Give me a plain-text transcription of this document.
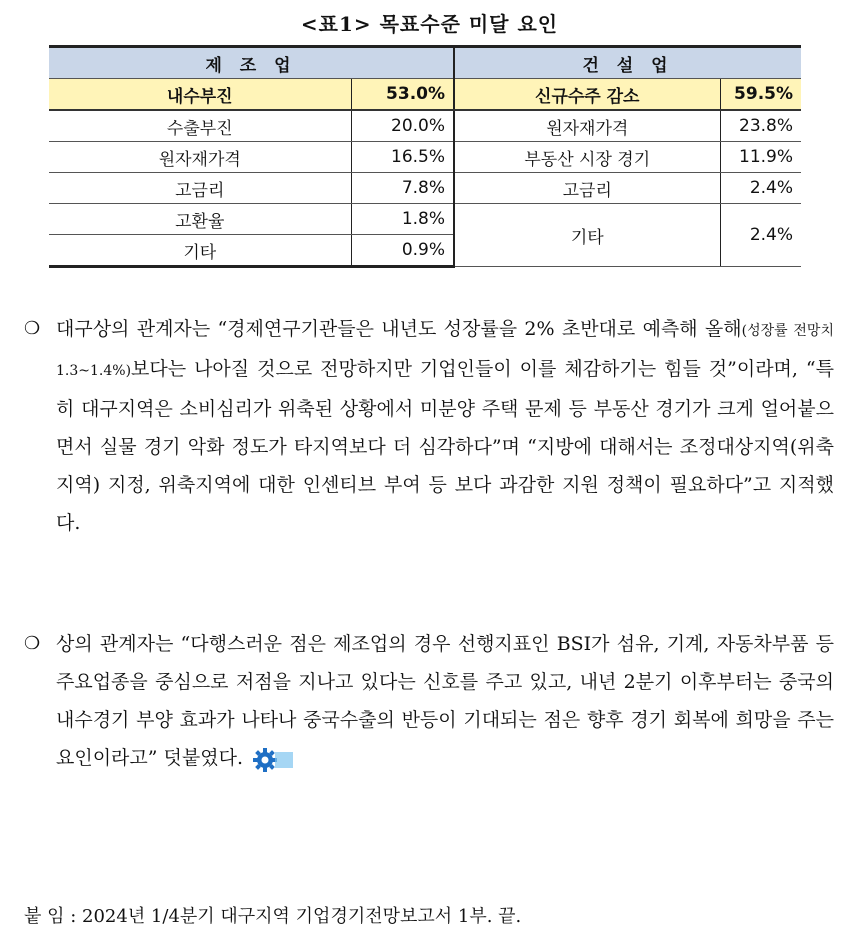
<표1> 목표수준 미달 요인
제 조 업		건 설 업	
내수부진	53.0%	신규수주 감소	59.5%
수출부진	20.0%	원자재가격	23.8%
원자재가격	16.5%	부동산 시장 경기	11.9%
고금리	7.8%	고금리	2.4%
고환율	1.8%	기타	2.4%
기타	0.9%		
❍ 대구상의 관계자는 “경제연구기관들은 내년도 성장률을 2% 초반대로 예측해 올해(성장률 전망치 1.3~1.4%)보다는 나아질 것으로 전망하지만 기업인들이 이를 체감하기는 힘들 것”이라며, “특히 대구지역은 소비심리가 위축된 상황에서 미분양 주택 문제 등 부동산 경기가 크게 얼어붙으면서 실물 경기 악화 정도가 타지역보다 더 심각하다”며 “지방에 대해서는 조정대상지역(위축지역) 지정, 위축지역에 대한 인센티브 부여 등 보다 과감한 지원 정책이 필요하다”고 지적했다.
❍ 상의 관계자는 “다행스러운 점은 제조업의 경우 선행지표인 BSI가 섬유, 기계, 자동차부품 등 주요업종을 중심으로 저점을 지나고 있다는 신호를 주고 있고, 내년 2분기 이후부터는 중국의 내수경기 부양 효과가 나타나 중국수출의 반등이 기대되는 점은 향후 경기 회복에 희망을 주는 요인이라고” 덧붙였다.
붙 임 : 2024년 1/4분기 대구지역 기업경기전망보고서 1부. 끝.
